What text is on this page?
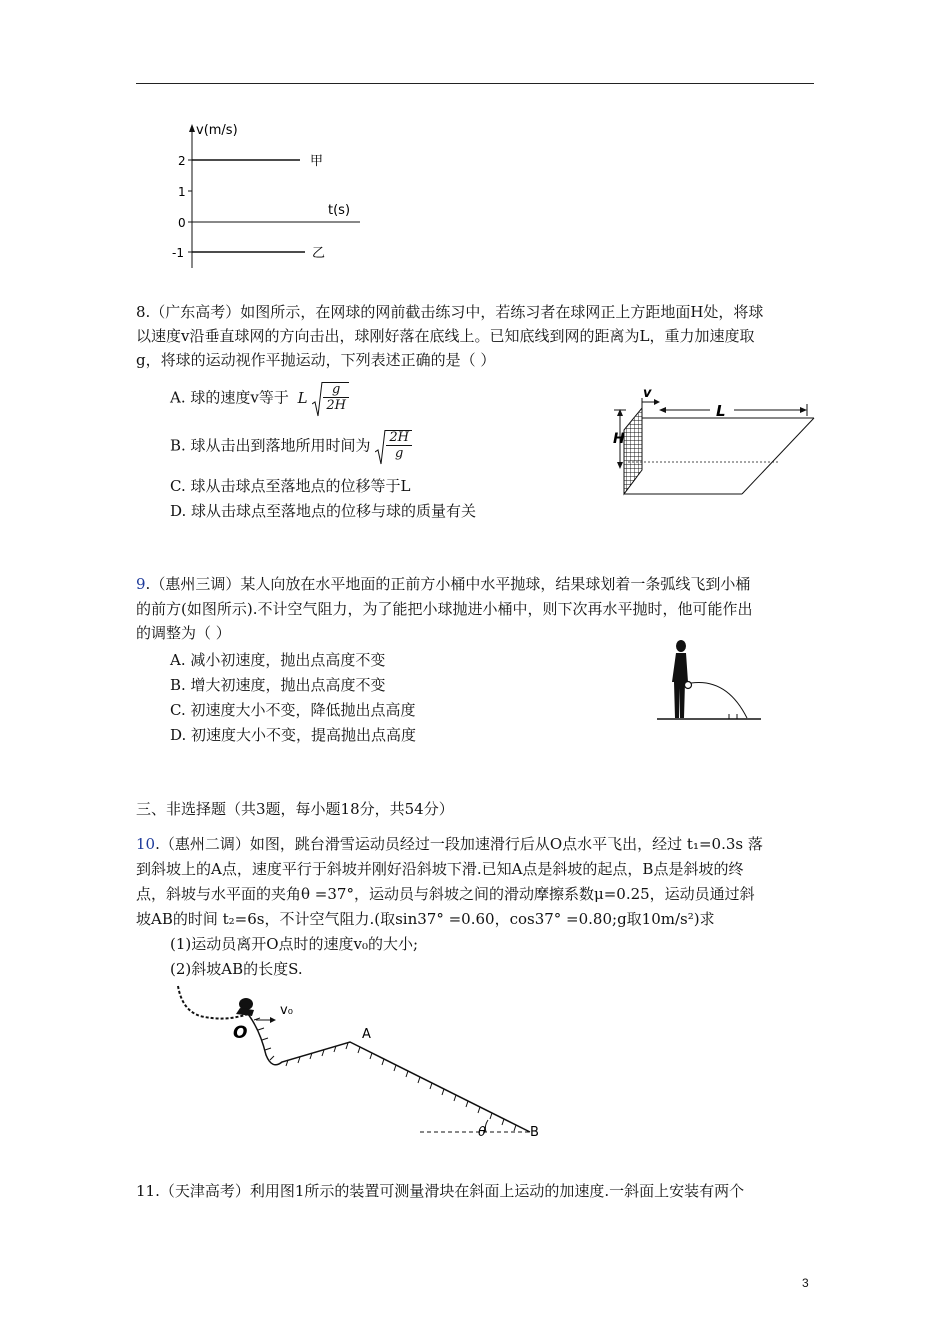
v(m/s)
t(s)
2
1
0
-1
甲
乙
8.（广东高考）如图所示，在网球的网前截击练习中，若练习者在球网正上方距地面H处，将球
以速度v沿垂直球网的方向击出，球刚好落在底线上。已知底线到网的距离为L，重力加速度取
g，将球的运动视作平抛运动，下列表述正确的是（ ）
A. 球的速度v等于 L $\frac{g}{2H}$
B. 球从击出到落地所用时间为 $\frac{2H}{g}$
C. 球从击球点至落地点的位移等于L
D. 球从击球点至落地点的位移与球的质量有关
v
H
L
9.（惠州三调）某人向放在水平地面的正前方小桶中水平抛球，结果球划着一条弧线飞到小桶
的前方(如图所示).不计空气阻力，为了能把小球抛进小桶中，则下次再水平抛时，他可能作出
的调整为（ ）
A. 减小初速度，抛出点高度不变
B. 增大初速度，抛出点高度不变
C. 初速度大小不变，降低抛出点高度
D. 初速度大小不变，提高抛出点高度
三、非选择题（共3题，每小题18分，共54分）
10.（惠州二调）如图，跳台滑雪运动员经过一段加速滑行后从O点水平飞出，经过 t₁=0.3s 落
到斜坡上的A点，速度平行于斜坡并刚好沿斜坡下滑.已知A点是斜坡的起点，B点是斜坡的终
点，斜坡与水平面的夹角θ =37°，运动员与斜坡之间的滑动摩擦系数μ=0.25，运动员通过斜
坡AB的时间 t₂=6s，不计空气阻力.(取sin37° =0.60，cos37° =0.80;g取10m/s²)求
(1)运动员离开O点时的速度v₀的大小;
(2)斜坡AB的长度S.
v₀
O	A
B
θ
11.（天津高考）利用图1所示的装置可测量滑块在斜面上运动的加速度.一斜面上安装有两个
3
